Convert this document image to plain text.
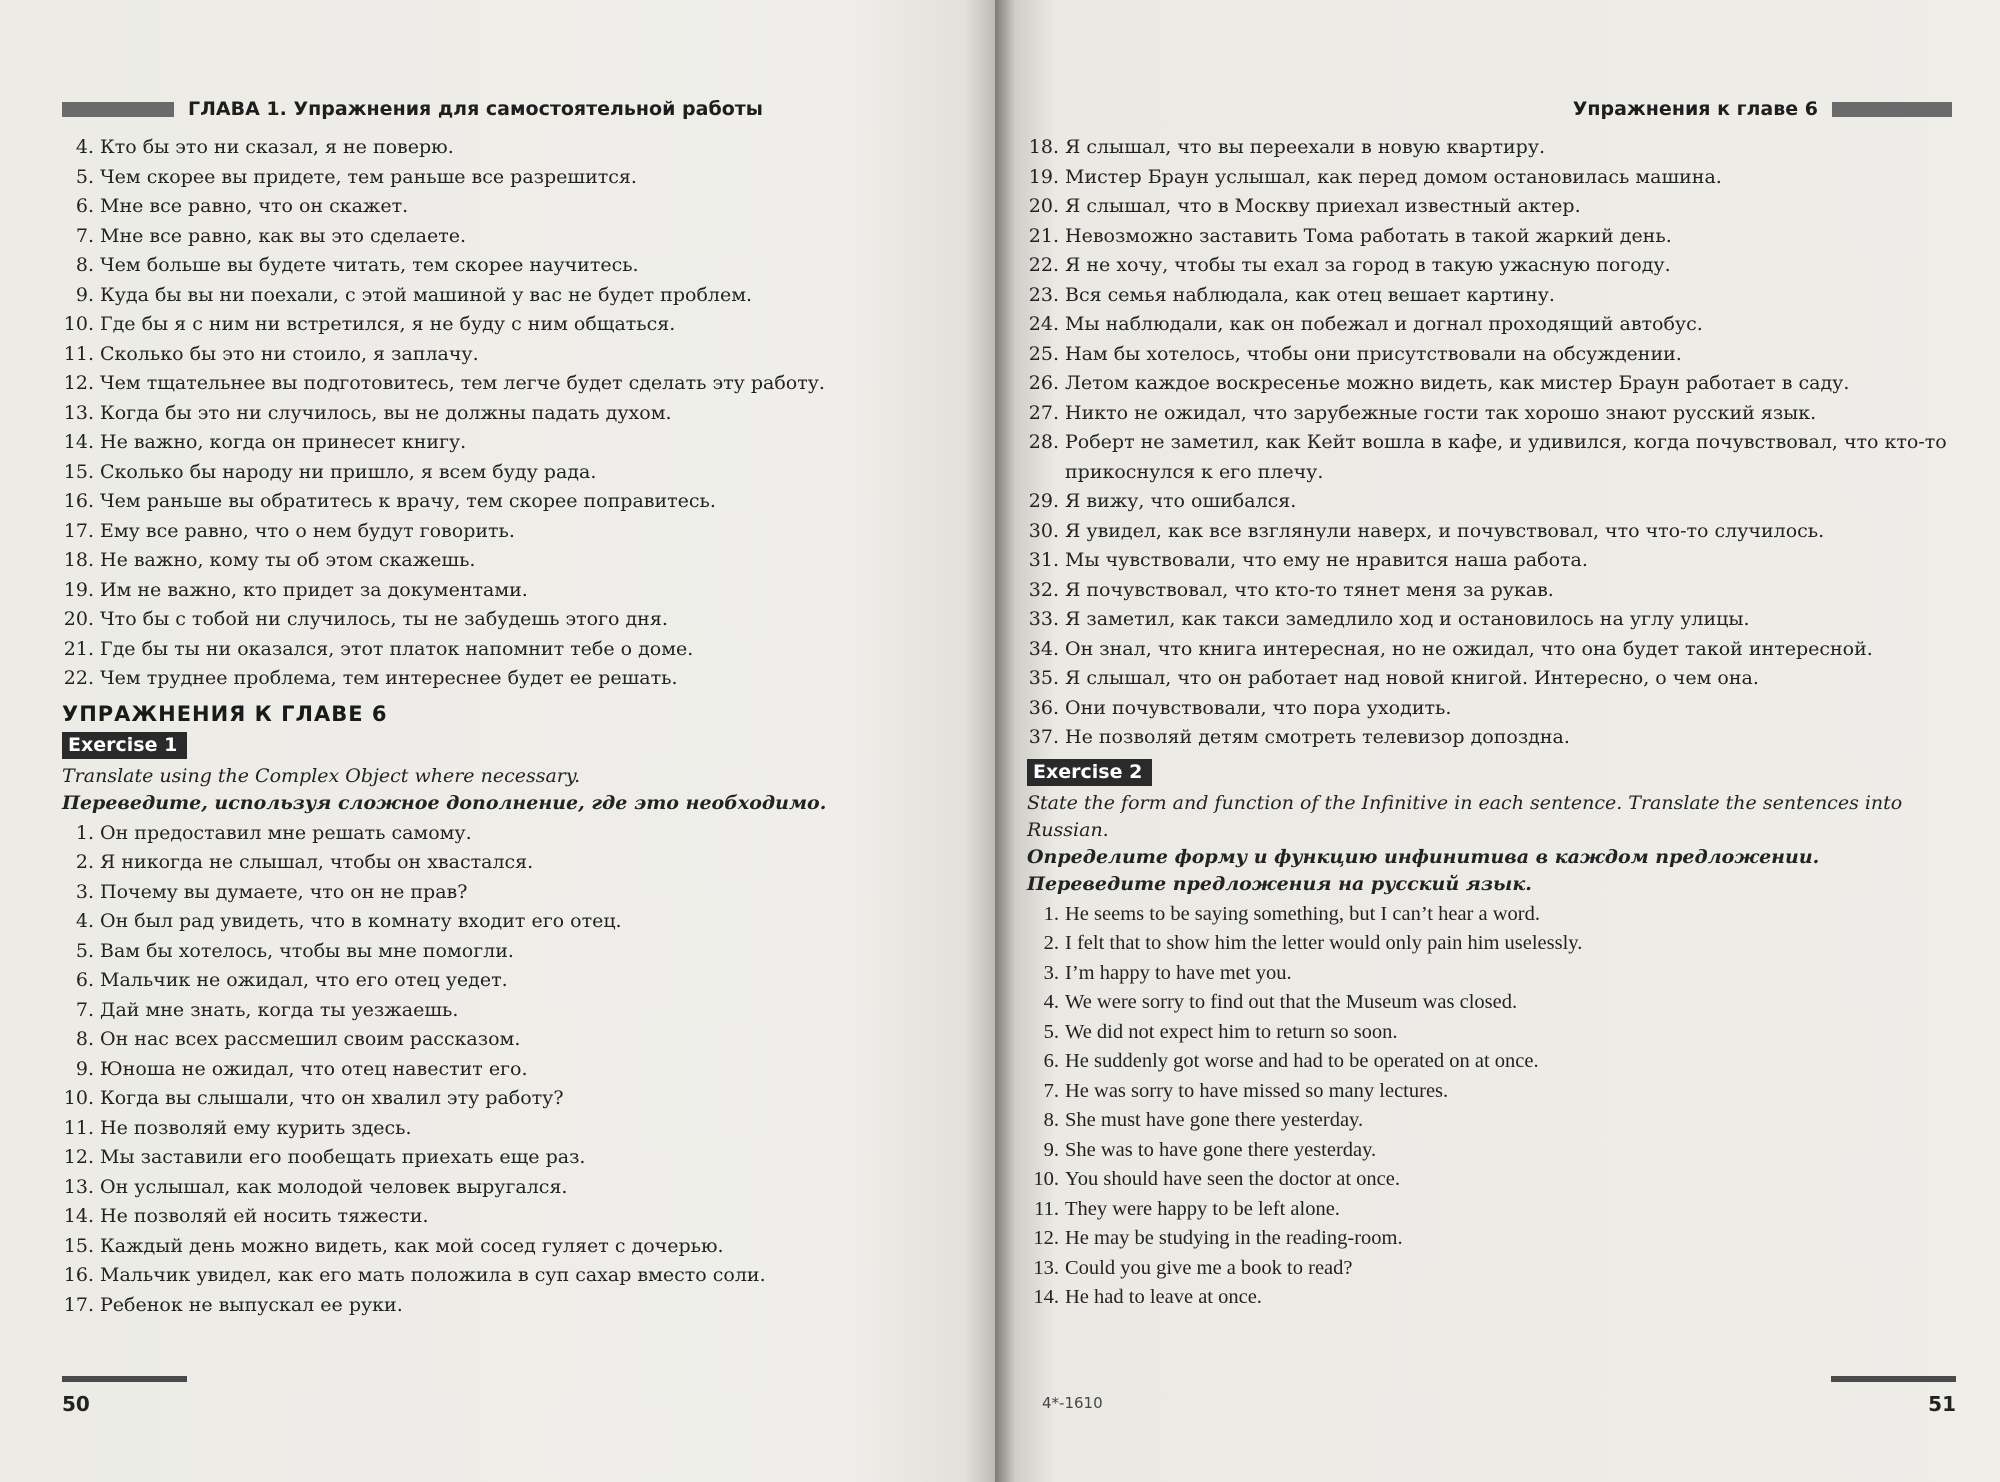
ГЛАВА 1. Упражнения для самостоятельной работы
4. Кто бы это ни сказал, я не поверю.
5. Чем скорее вы придете, тем раньше все разрешится.
6. Мне все равно, что он скажет.
7. Мне все равно, как вы это сделаете.
8. Чем больше вы будете читать, тем скорее научитесь.
9. Куда бы вы ни поехали, с этой машиной у вас не будет проблем.
10. Где бы я с ним ни встретился, я не буду с ним общаться.
11. Сколько бы это ни стоило, я заплачу.
12. Чем тщательнее вы подготовитесь, тем легче будет сделать эту работу.
13. Когда бы это ни случилось, вы не должны падать духом.
14. Не важно, когда он принесет книгу.
15. Сколько бы народу ни пришло, я всем буду рада.
16. Чем раньше вы обратитесь к врачу, тем скорее поправитесь.
17. Ему все равно, что о нем будут говорить.
18. Не важно, кому ты об этом скажешь.
19. Им не важно, кто придет за документами.
20. Что бы с тобой ни случилось, ты не забудешь этого дня.
21. Где бы ты ни оказался, этот платок напомнит тебе о доме.
22. Чем труднее проблема, тем интереснее будет ее решать.
УПРАЖНЕНИЯ К ГЛАВЕ 6
Exercise 1
Translate using the Complex Object where necessary.
Переведите, используя сложное дополнение, где это необходимо.
1. Он предоставил мне решать самому.
2. Я никогда не слышал, чтобы он хвастался.
3. Почему вы думаете, что он не прав?
4. Он был рад увидеть, что в комнату входит его отец.
5. Вам бы хотелось, чтобы вы мне помогли.
6. Мальчик не ожидал, что его отец уедет.
7. Дай мне знать, когда ты уезжаешь.
8. Он нас всех рассмешил своим рассказом.
9. Юноша не ожидал, что отец навестит его.
10. Когда вы слышали, что он хвалил эту работу?
11. Не позволяй ему курить здесь.
12. Мы заставили его пообещать приехать еще раз.
13. Он услышал, как молодой человек выругался.
14. Не позволяй ей носить тяжести.
15. Каждый день можно видеть, как мой сосед гуляет с дочерью.
16. Мальчик увидел, как его мать положила в суп сахар вместо соли.
17. Ребенок не выпускал ее руки.
50
Упражнения к главе 6
18. Я слышал, что вы переехали в новую квартиру.
19. Мистер Браун услышал, как перед домом остановилась машина.
20. Я слышал, что в Москву приехал известный актер.
21. Невозможно заставить Тома работать в такой жаркий день.
22. Я не хочу, чтобы ты ехал за город в такую ужасную погоду.
23. Вся семья наблюдала, как отец вешает картину.
24. Мы наблюдали, как он побежал и догнал проходящий автобус.
25. Нам бы хотелось, чтобы они присутствовали на обсуждении.
26. Летом каждое воскресенье можно видеть, как мистер Браун работает в саду.
27. Никто не ожидал, что зарубежные гости так хорошо знают русский язык.
28. Роберт не заметил, как Кейт вошла в кафе, и удивился, когда почувствовал, что кто-то прикоснулся к его плечу.
29. Я вижу, что ошибался.
30. Я увидел, как все взглянули наверх, и почувствовал, что что-то случилось.
31. Мы чувствовали, что ему не нравится наша работа.
32. Я почувствовал, что кто-то тянет меня за рукав.
33. Я заметил, как такси замедлило ход и остановилось на углу улицы.
34. Он знал, что книга интересная, но не ожидал, что она будет такой интересной.
35. Я слышал, что он работает над новой книгой. Интересно, о чем она.
36. Они почувствовали, что пора уходить.
37. Не позволяй детям смотреть телевизор допоздна.
Exercise 2
State the form and function of the Infinitive in each sentence. Translate the sentences into Russian.
Определите форму и функцию инфинитива в каждом предложении. Переведите предложения на русский язык.
1. He seems to be saying something, but I can’t hear a word.
2. I felt that to show him the letter would only pain him uselessly.
3. I’m happy to have met you.
4. We were sorry to find out that the Museum was closed.
5. We did not expect him to return so soon.
6. He suddenly got worse and had to be operated on at once.
7. He was sorry to have missed so many lectures.
8. She must have gone there yesterday.
9. She was to have gone there yesterday.
10. You should have seen the doctor at once.
11. They were happy to be left alone.
12. He may be studying in the reading-room.
13. Could you give me a book to read?
14. He had to leave at once.
4*-1610	51
